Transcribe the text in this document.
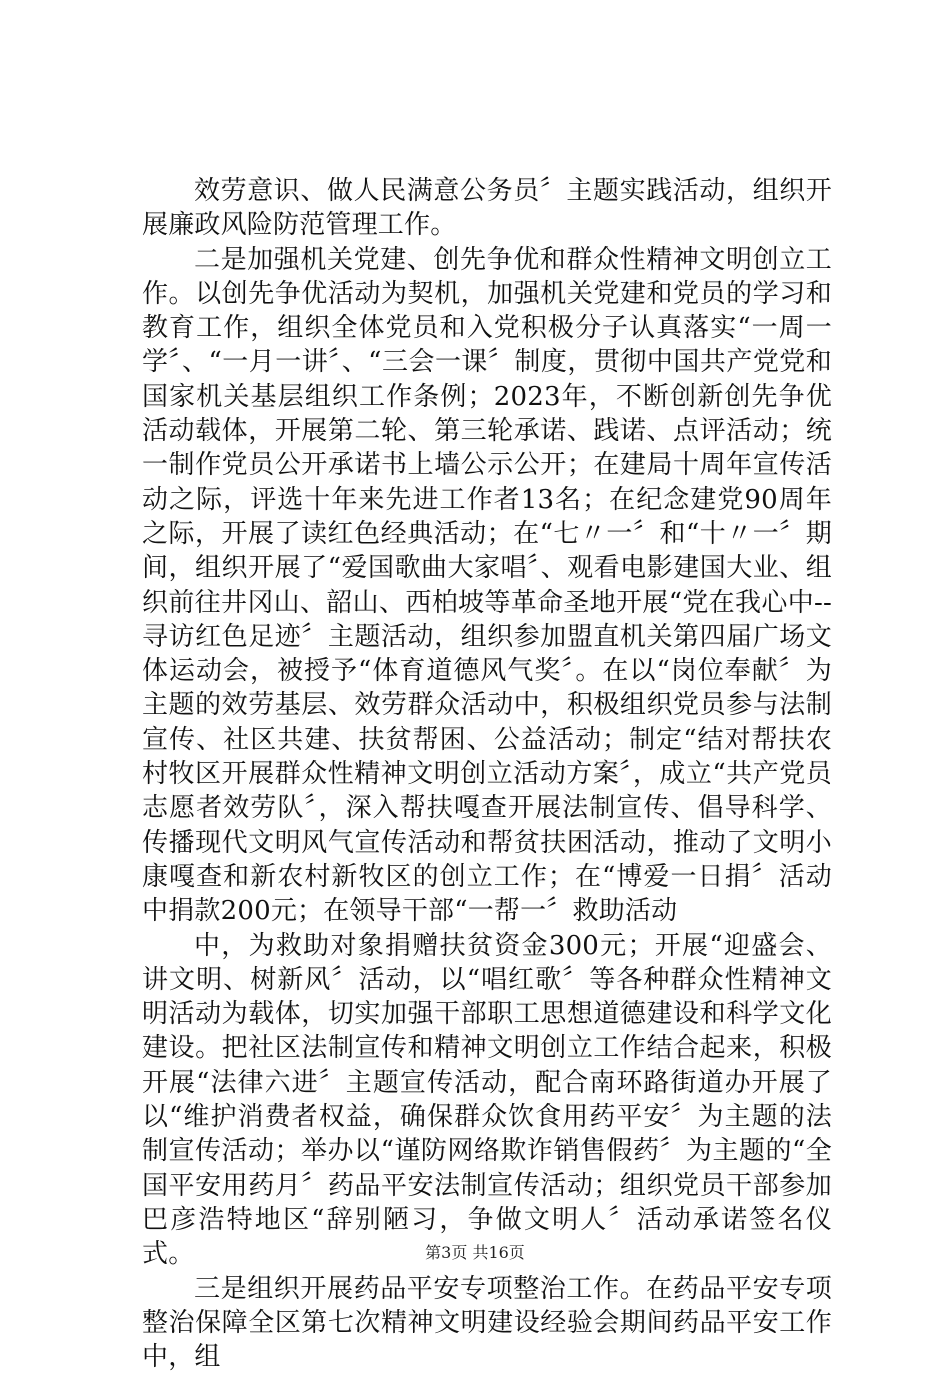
效劳意识、做人民满意公务员〞主题实践活动，组织开展廉政风险防范管理工作。

二是加强机关党建、创先争优和群众性精神文明创立工作。以创先争优活动为契机，加强机关党建和党员的学习和教育工作，组织全体党员和入党积极分子认真落实“一周一学〞、“一月一讲〞、“三会一课〞制度，贯彻中国共产党党和国家机关基层组织工作条例；2023年，不断创新创先争优活动载体，开展第二轮、第三轮承诺、践诺、点评活动；统一制作党员公开承诺书上墙公示公开；在建局十周年宣传活动之际，评选十年来先进工作者13名；在纪念建党90周年之际，开展了读红色经典活动；在“七〃一〞和“十〃一〞期间，组织开展了“爱国歌曲大家唱〞、观看电影建国大业、组织前往井冈山、韶山、西柏坡等革命圣地开展“党在我心中--寻访红色足迹〞主题活动，组织参加盟直机关第四届广场文体运动会，被授予“体育道德风气奖〞。在以“岗位奉献〞为主题的效劳基层、效劳群众活动中，积极组织党员参与法制宣传、社区共建、扶贫帮困、公益活动；制定“结对帮扶农村牧区开展群众性精神文明创立活动方案〞，成立“共产党员志愿者效劳队〞，深入帮扶嘎查开展法制宣传、倡导科学、传播现代文明风气宣传活动和帮贫扶困活动，推动了文明小康嘎查和新农村新牧区的创立工作；在“博爱一日捐〞活动中捐款200元；在领导干部“一帮一〞救助活动

中，为救助对象捐赠扶贫资金300元；开展“迎盛会、讲文明、树新风〞活动，以“唱红歌〞等各种群众性精神文明活动为载体，切实加强干部职工思想道德建设和科学文化建设。把社区法制宣传和精神文明创立工作结合起来，积极开展“法律六进〞主题宣传活动，配合南环路街道办开展了以“维护消费者权益，确保群众饮食用药平安〞为主题的法制宣传活动；举办以“谨防网络欺诈销售假药〞为主题的“全国平安用药月〞药品平安法制宣传活动；组织党员干部参加巴彦浩特地区“辞别陋习，争做文明人〞活动承诺签名仪式。

三是组织开展药品平安专项整治工作。在药品平安专项整治保障全区第七次精神文明建设经验会期间药品平安工作中，组

第3页 共16页
